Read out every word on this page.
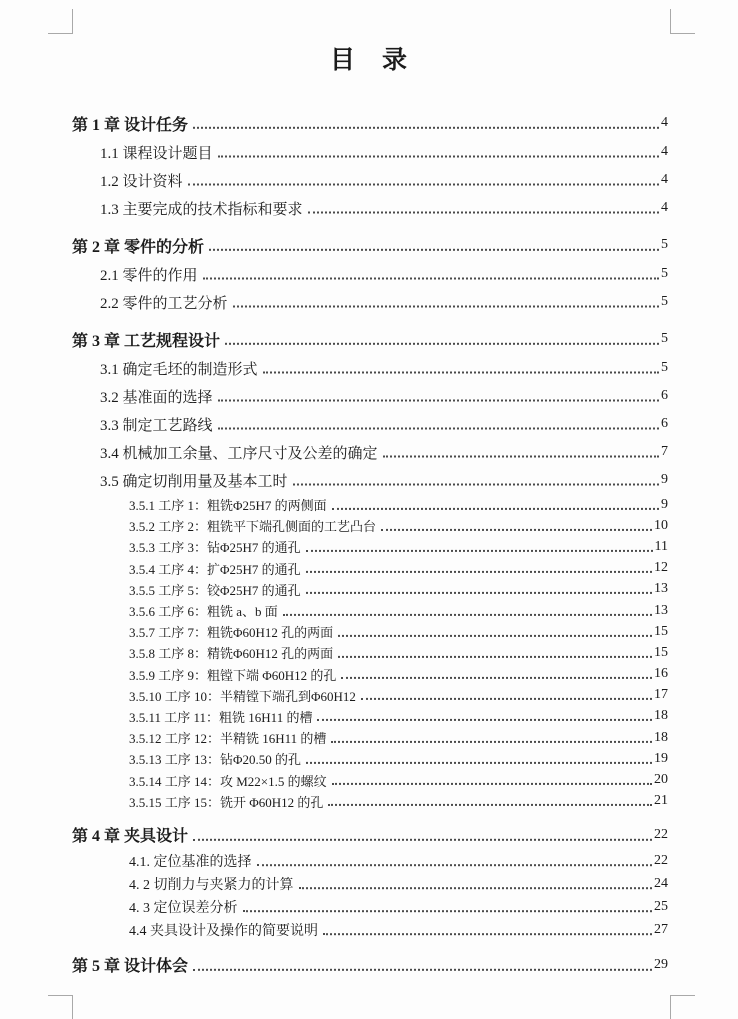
目　录
第 1 章 设计任务	4
1.1 课程设计题目	4
1.2 设计资料	4
1.3 主要完成的技术指标和要求	4
第 2 章 零件的分析	5
2.1 零件的作用	5
2.2 零件的工艺分析	5
第 3 章 工艺规程设计	5
3.1 确定毛坯的制造形式	5
3.2 基准面的选择	6
3.3 制定工艺路线	6
3.4 机械加工余量、工序尺寸及公差的确定	7
3.5 确定切削用量及基本工时	9
3.5.1 工序 1：粗铣Φ25H7 的两侧面	9
3.5.2 工序 2：粗铣平下端孔侧面的工艺凸台	10
3.5.3 工序 3：钻Φ25H7 的通孔	11
3.5.4 工序 4：扩Φ25H7 的通孔	12
3.5.5 工序 5：铰Φ25H7 的通孔	13
3.5.6 工序 6：粗铣 a、b 面	13
3.5.7 工序 7：粗铣Φ60H12 孔的两面	15
3.5.8 工序 8：精铣Φ60H12 孔的两面	15
3.5.9 工序 9：粗镗下端 Φ60H12 的孔	16
3.5.10 工序 10：半精镗下端孔到Φ60H12	17
3.5.11 工序 11：粗铣 16H11 的槽	18
3.5.12 工序 12：半精铣 16H11 的槽	18
3.5.13 工序 13：钻Φ20.50 的孔	19
3.5.14 工序 14：攻 M22×1.5 的螺纹	20
3.5.15 工序 15：铣开 Φ60H12 的孔	21
第 4 章 夹具设计	22
4.1. 定位基准的选择	22
4. 2 切削力与夹紧力的计算	24
4. 3 定位误差分析	25
4.4 夹具设计及操作的简要说明	27
第 5 章 设计体会	29
